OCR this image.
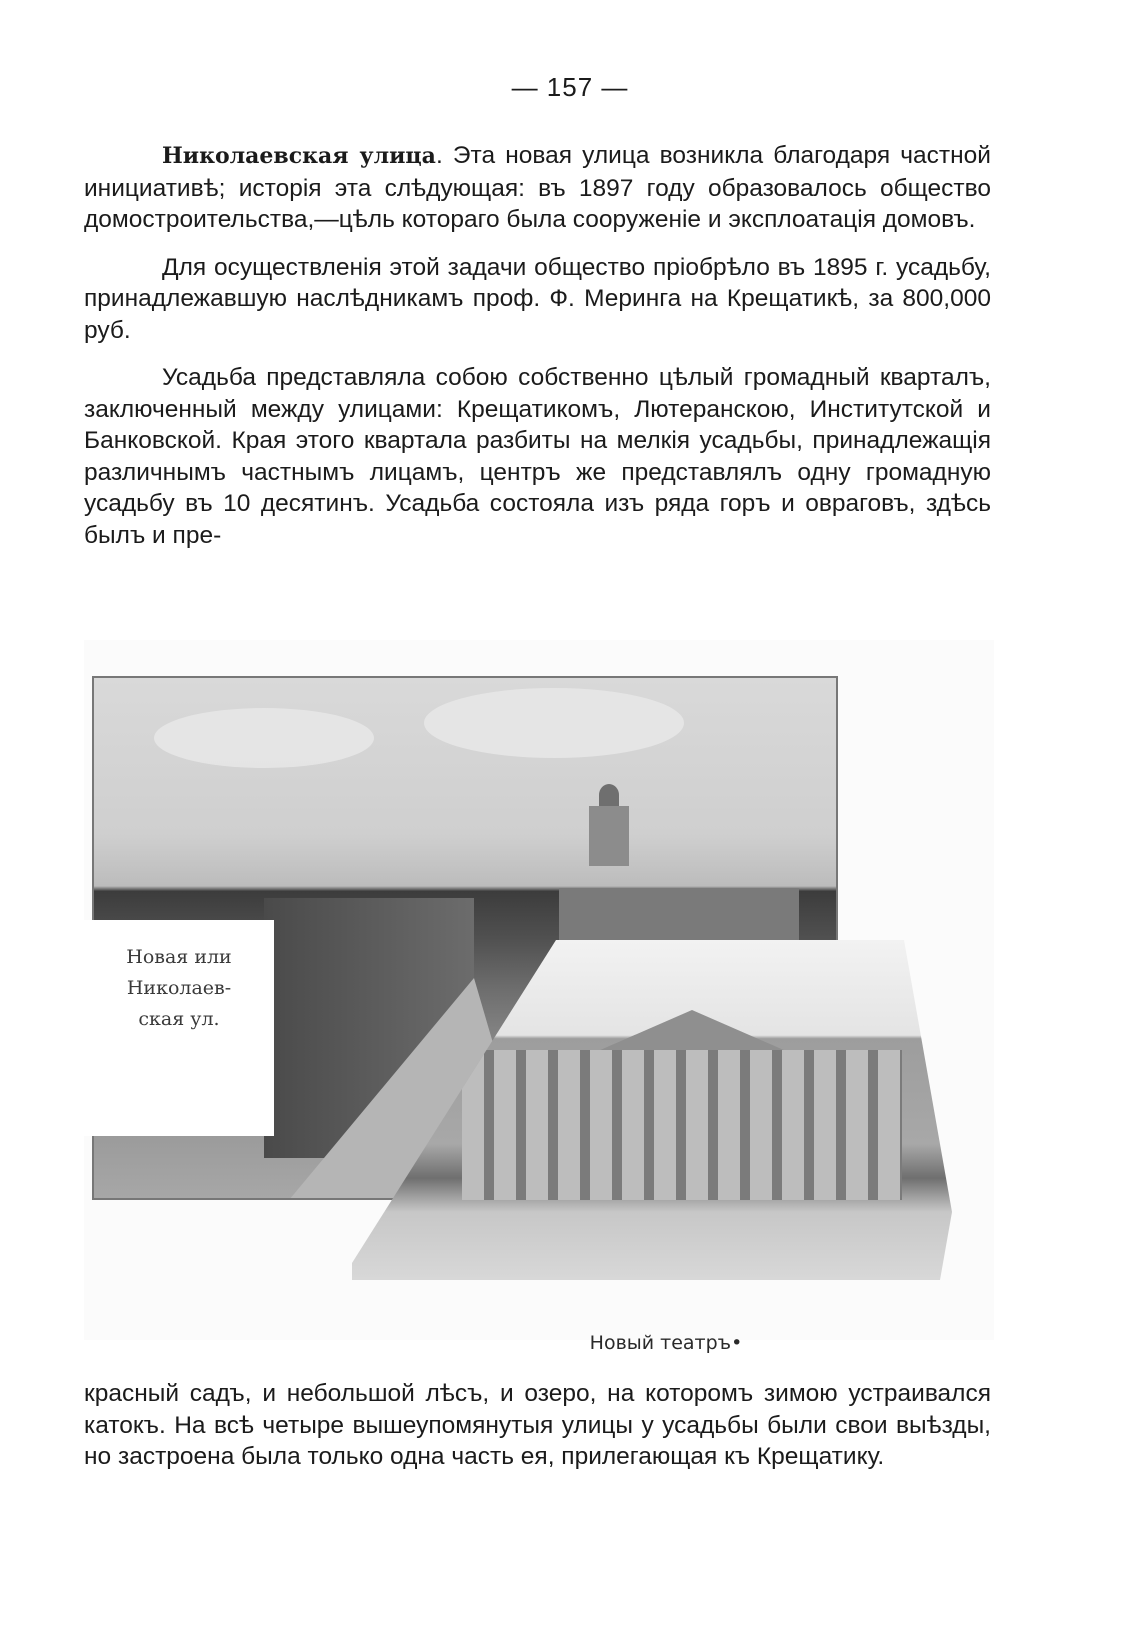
— 157 —

Николаевская улица. Эта новая улица возникла благодаря частной инициативѣ; исторія эта слѣдующая: въ 1897 году образовалось общество домостроительства,—цѣль котораго была сооруженіе и эксплоатація домовъ.

Для осуществленія этой задачи общество пріобрѣло въ 1895 г. усадьбу, принадлежавшую наслѣдникамъ проф. Ф. Меринга на Крещатикѣ, за 800,000 руб.

Усадьба представляла собою собственно цѣлый громадный кварталъ, заключенный между улицами: Крещатикомъ, Лютеранскою, Институтской и Банковской. Края этого квартала разбиты на мелкія усадьбы, принадлежащія различнымъ частнымъ лицамъ, центръ же представлялъ одну громадную усадьбу въ 10 десятинъ. Усадьба состояла изъ ряда горъ и овраговъ, здѣсь былъ и пре-

Новая или Николаев-ская ул.
Новый театръ•

красный садъ, и небольшой лѣсъ, и озеро, на которомъ зимою устраивался катокъ. На всѣ четыре вышеупомянутыя улицы у усадьбы были свои выѣзды, но застроена была только одна часть ея, прилегающая къ Крещатику.
